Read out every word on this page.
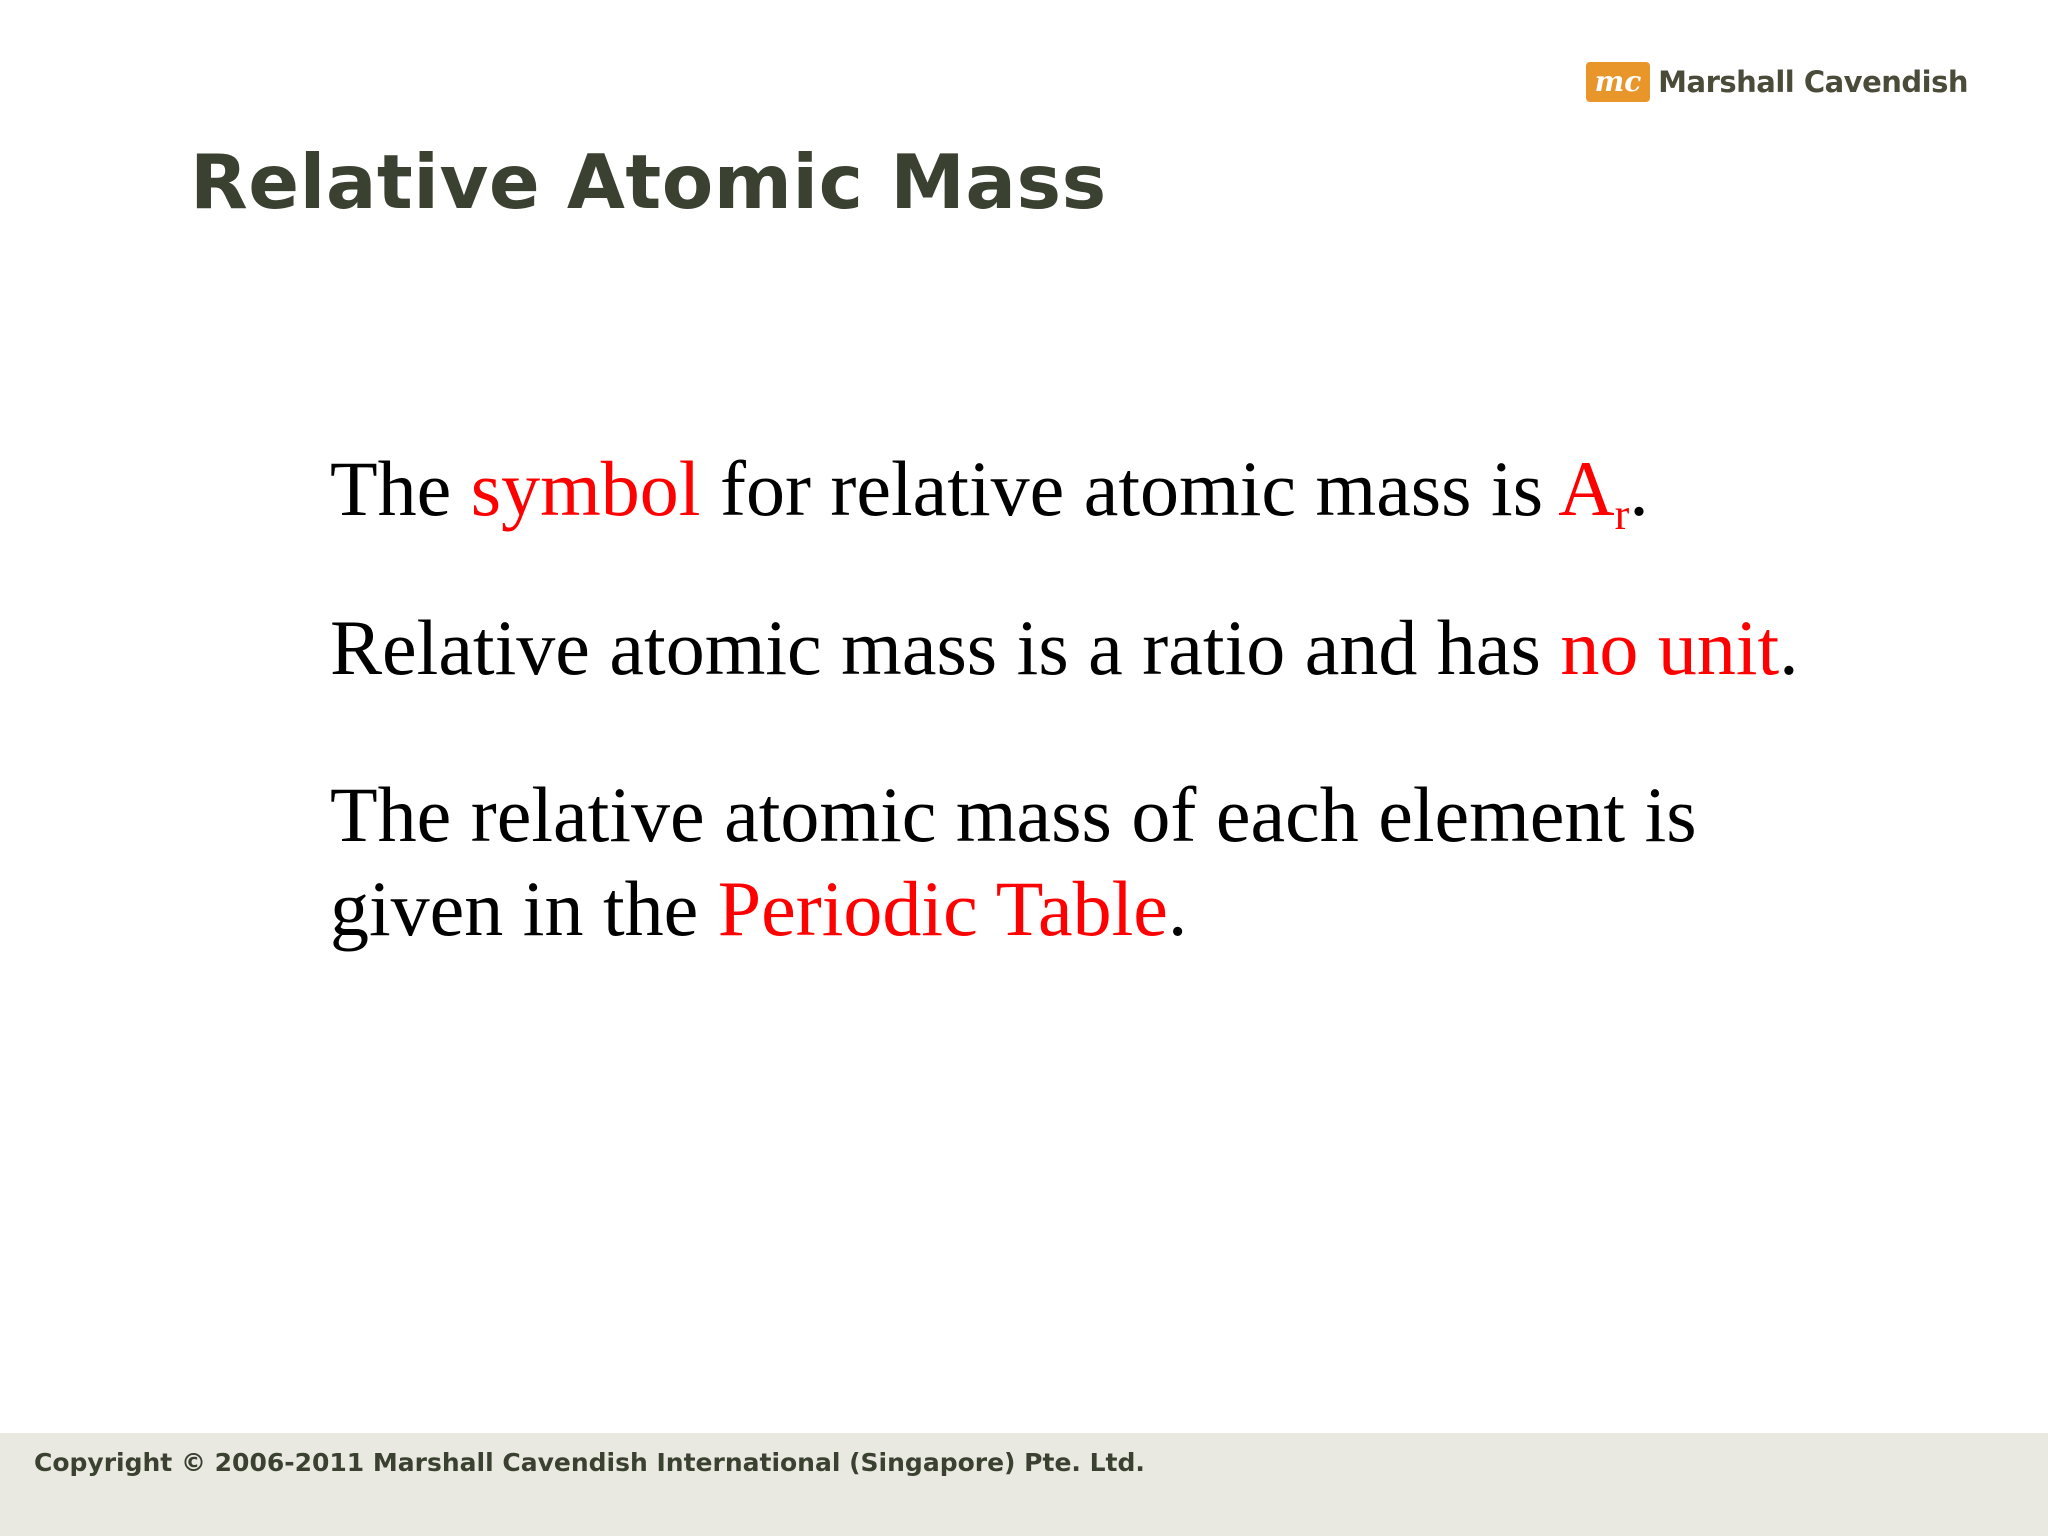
mc Marshall Cavendish
Relative Atomic Mass

The symbol for relative atomic mass is $A_r$.

Relative atomic mass is a ratio and has no unit.

The relative atomic mass of each element is
given in the Periodic Table.

Copyright © 2006-2011 Marshall Cavendish International (Singapore) Pte. Ltd.
